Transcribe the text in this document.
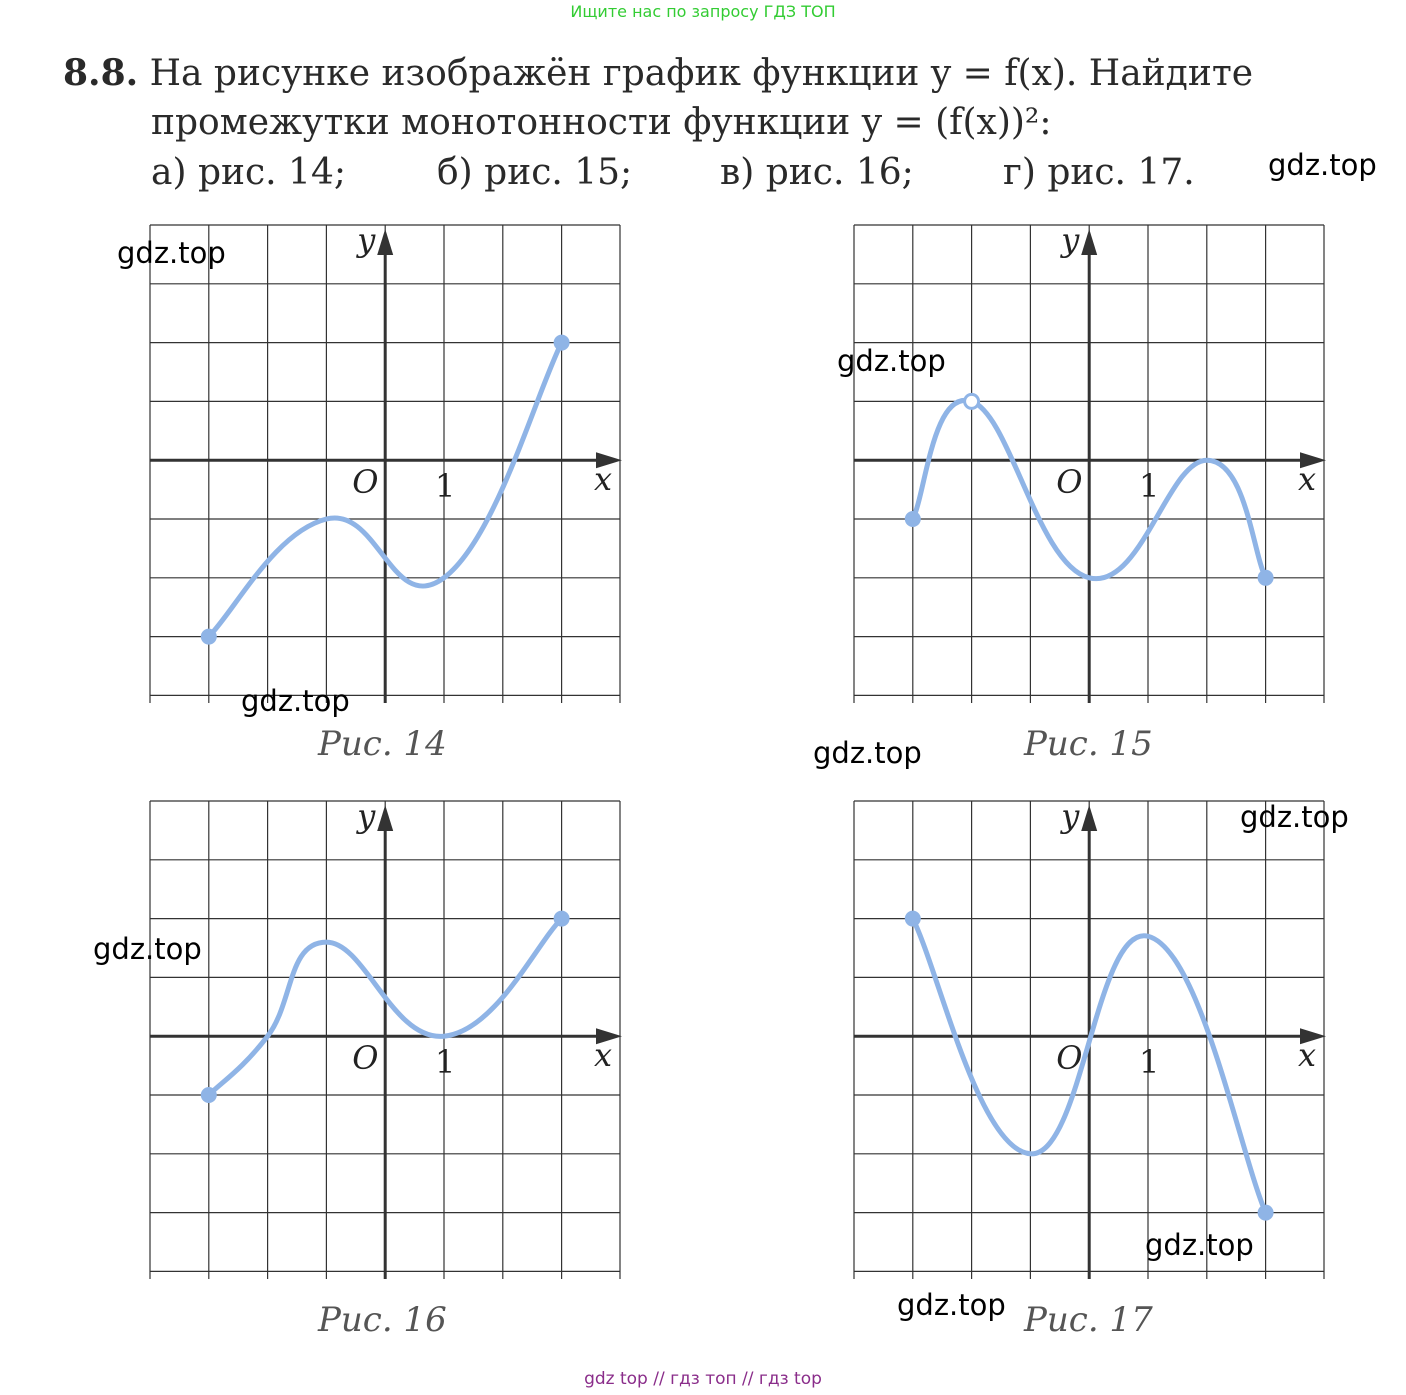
Ищите нас по запросу ГДЗ ТОП
8.8. На рисунке изображён график функции y = f(x). Найдите
промежутки монотонности функции y = (f(x))²:
а) рис. 14;	б) рис. 15; в) рис. 16; г) рис. 17.
x
y
O 1	x
y
O 1
x
y
O 1	x
y
O 1
Рис. 14	Рис. 15
Рис. 16	Рис. 17
gdz.top
gdz.top
gdz.top
gdz.top
gdz.top
gdz.top
gdz.top
gdz.top
gdz.top
gdz top // гдз топ // гдз top
